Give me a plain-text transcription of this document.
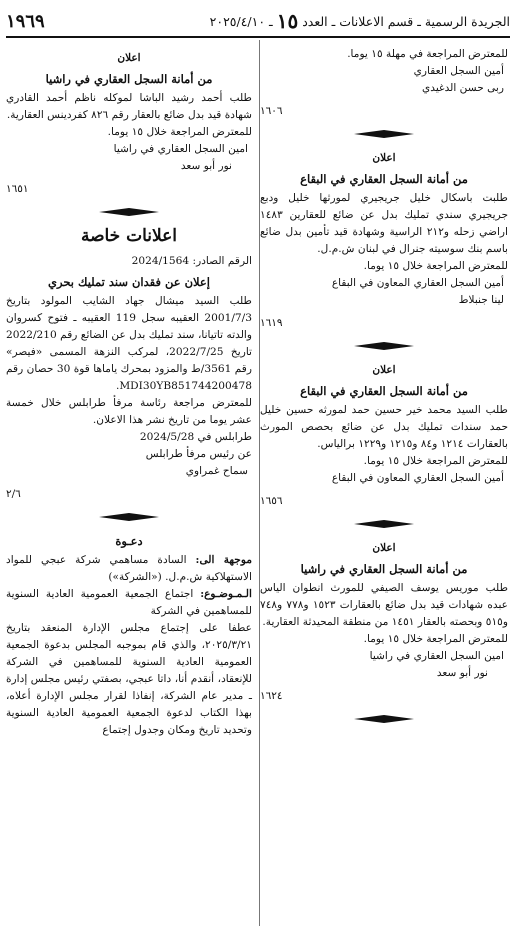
الجريدة الرسمية ـ قسم الاعلانات ـ العدد
١٥
ـ ٢٠٢٥/٤/١٠
١٩٦٩

للمعترض المراجعة في مهلة ١٥ يوما.

أمين السجل العقاري

ربى حسن الدغيدي

١٦٠٦
اعلان
من أمانة السجل العقاري في البقاع

طلبت باسكال خليل جريجيري لمورثها خليل ودبع جريجيري سندي تمليك بدل عن ضائع للعقارين ١٤٨٣ اراضي زحله و٢١٢ الراسية وشهادة قيد تأمين بدل ضائع باسم بنك سوسيته جنرال في لبنان ش.م.ل.

للمعترض المراجعة خلال ١٥ يوما.

أمين السجل العقاري المعاون في البقاع

لينا جنبلاط

١٦١٩
اعلان
من أمانة السجل العقاري في البقاع

طلب السيد محمد خير حسين حمد لمورثه حسين خليل حمد سندات تمليك بدل عن ضائع بحصص المورث بالعقارات ١٢١٤ و٨٤ و١٢١٥ و١٢٢٩ برالياس.

للمعترض المراجعة خلال ١٥ يوما.

أمين السجل العقاري المعاون في البقاع

١٦٥٦
اعلان
من أمانة السجل العقاري في راشيا

طلب موريس يوسف الصيفي للمورث انطوان الياس عبده شهادات قيد بدل ضائع بالعقارات ١٥٢٣ و٧٧٨ و٧٤٨ و٥١٥ وبحصته بالعقار ١٤٥١ من منطقة المحيدثة العقارية.

للمعترض المراجعة خلال ١٥ يوما.

امين السجل العقاري في راشيا

نور أبو سعد

١٦٢٤
اعلان
من أمانة السجل العقاري في راشيا

طلب أحمد رشيد الباشا لموكله ناظم أحمد القادري شهادة قيد بدل ضائع بالعقار رقم ٨٢٦ كفردينس العقارية.

للمعترض المراجعة خلال ١٥ يوما.

امين السجل العقاري في راشيا

نور أبو سعد

١٦٥١
اعلانات خاصة

الرقم الصادر: 2024/1564

إعلان عن فقدان سند تمليك بحري

طلب السيد ميشال جهاد الشايب المولود بتاريخ 2001/7/3 العقيبه سجل 119 العقيبه ـ فتوح كسروان والدته تاتيانا، سند تمليك بدل عن الضائع رقم 2022/210 تاريخ 2022/7/25، لمركب النزهة المسمى «فيصر» رقم 3561/ط والمزود بمحرك ياماها قوة 30 حصان رقم MDI30YB851744200478.

للمعترض مراجعة رئاسة مرفأ طرابلس خلال خمسة عشر يوما من تاريخ نشر هذا الاعلان.

طرابلس في 2024/5/28

عن رئيس مرفأ طرابلس

سماح غمراوي

٢/٦
دعـوة

موجهة الى: السادة مساهمي شركة عبجي للمواد الاستهلاكية ش.م.ل. («الشركة»)

الـمـوضـوع: اجتماع الجمعية العمومية العادية السنوية للمساهمين في الشركة

عطفا على إجتماع مجلس الإدارة المنعقد بتاريخ ٢٠٢٥/٣/٢١، والذي قام بموجبه المجلس بدعوة الجمعية العمومية العادية السنوية للمساهمين في الشركة للإنعقاد، أنقدم أنا، داتا عبجي، بصفتي رئيس مجلس إدارة ـ مدير عام الشركة، إنفاذا لقرار مجلس الإدارة أعلاه، بهذا الكتاب لدعوة الجمعية العمومية العادية السنوية وتحديد تاريخ ومكان وجدول إجتماع
